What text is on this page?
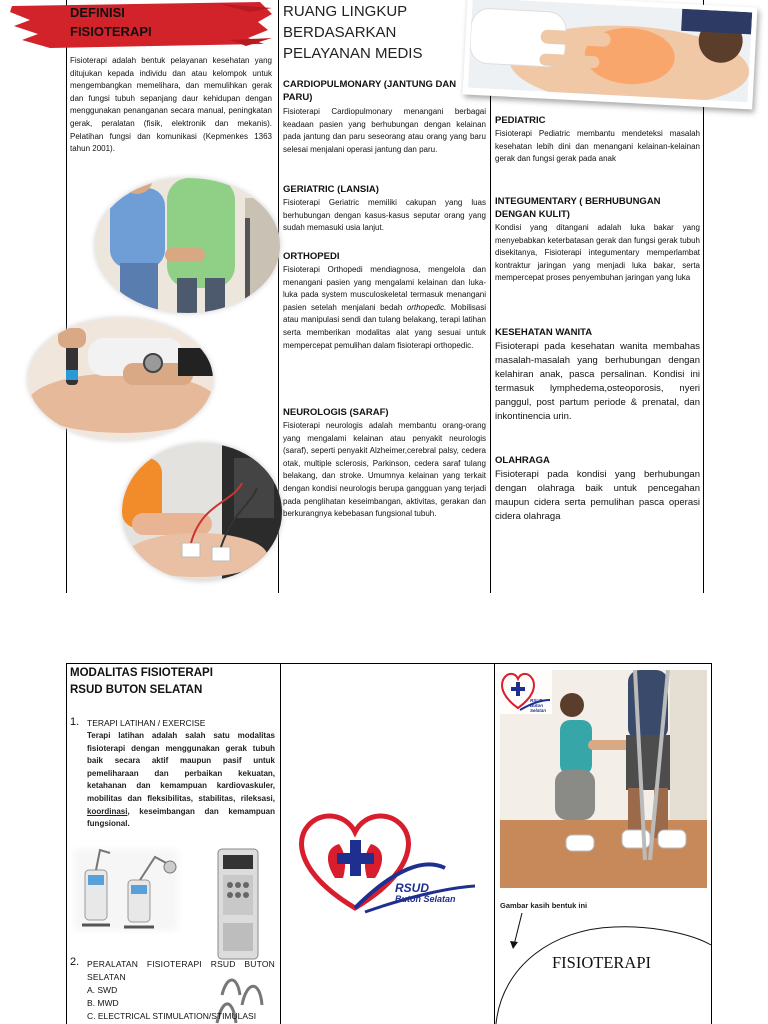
DEFINISI
FISIOTERAPI

Fisioterapi adalah bentuk pelayanan kesehatan yang ditujukan kepada individu dan atau kelompok untuk mengembangkan memelihara, dan memulihkan gerak dan fungsi tubuh sepanjang daur kehidupan dengan menggunakan penanganan secara manual, peningkatan gerak, peralatan (fisik, elektronik dan mekanis). Pelatihan fungsi dan komunikasi (Kepmenkes 1363 tahun 2001).

RUANG LINGKUP
BERDASARKAN
PELAYANAN MEDIS
CARDIOPULMONARY (JANTUNG DAN PARU)

Fisioterapi Cardiopulmonary menangani berbagai keadaan pasien yang berhubungan dengan kelainan pada jantung dan paru seseorang atau orang yang baru selesai menjalani operasi jantung dan paru.

GERIATRIC (LANSIA)

Fisioterapi Geriatric memiliki cakupan yang luas berhubungan dengan kasus-kasus seputar orang yang sudah memasuki usia lanjut.

ORTHOPEDI

Fisioterapi Orthopedi mendiagnosa, mengelola dan menangani pasien yang mengalami kelainan dan luka-luka pada system musculoskeletal termasuk menangani pasien setelah menjalani bedah orthopedic. Mobilisasi atau manipulasi sendi dan tulang belakang, terapi latihan serta memberikan modalitas alat yang sesuai untuk mempercepat pemulihan dalam fisioterapi orthopedic.

NEUROLOGIS (SARAF)

Fisioterapi neurologis adalah membantu orang-orang yang mengalami kelainan atau penyakit neurologis (saraf), seperti penyakit Alzheimer,cerebral palsy, cedera otak, multiple sclerosis, Parkinson, cedera saraf tulang belakang, dan stroke. Umumnya kelainan yang terkait dengan kondisi neurologis berupa gangguan yang terjadi pada penglihatan keseimbangan, aktivitas, gerakan dan berkurangnya kebebasan fungsional tubuh.

PEDIATRIC

Fisioterapi Pediatric membantu mendeteksi masalah kesehatan lebih dini dan menangani kelainan-kelainan gerak dan fungsi gerak pada anak

INTEGUMENTARY ( BERHUBUNGAN DENGAN KULIT)

Kondisi yang ditangani adalah luka bakar yang menyebabkan keterbatasan gerak dan fungsi gerak tubuh disekitanya, Fisioterapi integumentary memperlambat kontraktur jaringan yang menjadi luka bakar, serta mempercepat proses penyembuhan jaringan yang luka

KESEHATAN WANITA

Fisioterapi pada kesehatan wanita membahas masalah-masalah yang berhubungan dengan kelahiran anak, pasca persalinan. Kondisi ini termasuk lymphedema,osteoporosis, nyeri panggul, post partum periode & prenatal, dan inkontinencia urin.

OLAHRAGA

Fisioterapi pada kondisi yang berhubungan dengan olahraga baik untuk pencegahan maupun cidera serta pemulihan pasca operasi cidera olahraga

MODALITAS FISIOTERAPI
RSUD BUTON SELATAN
1. TERAPI LATIHAN / EXERCISE

Terapi latihan adalah salah satu modalitas fisioterapi dengan menggunakan gerak tubuh baik secara aktif maupun pasif untuk pemeliharaan dan perbaikan kekuatan, ketahanan dan kemampuan kardiovaskuler, mobilitas dan fleksibilitas, stabilitas, rileksasi, koordinasi, keseimbangan dan kemampuan fungsional.

2. PERALATAN FISIOTERAPI RSUD BUTON SELATAN
A. SWD
B. MWD
C. ELECTRICAL STIMULATION/STIMULASI
RSUD
Buton Selatan
RSUD
Buton Selatan
Gambar kasih bentuk ini
FISIOTERAPI
